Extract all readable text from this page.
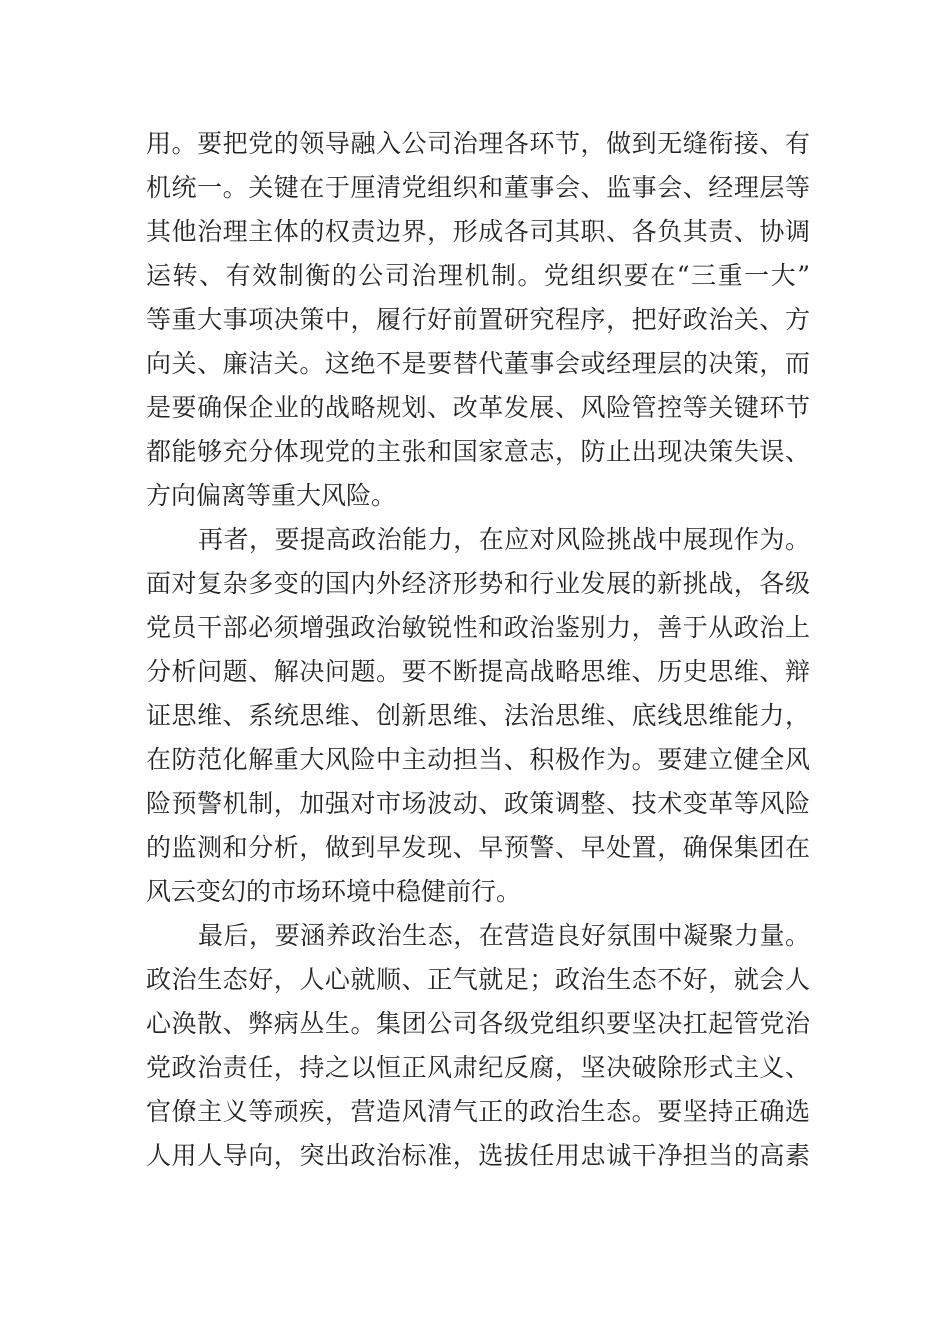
用。要把党的领导融入公司治理各环节，做到无缝衔接、有
机统一。关键在于厘清党组织和董事会、监事会、经理层等
其他治理主体的权责边界，形成各司其职、各负其责、协调
运转、有效制衡的公司治理机制。党组织要在“三重一大”
等重大事项决策中，履行好前置研究程序，把好政治关、方
向关、廉洁关。这绝不是要替代董事会或经理层的决策，而
是要确保企业的战略规划、改革发展、风险管控等关键环节
都能够充分体现党的主张和国家意志，防止出现决策失误、
方向偏离等重大风险。
再者，要提高政治能力，在应对风险挑战中展现作为。
面对复杂多变的国内外经济形势和行业发展的新挑战，各级
党员干部必须增强政治敏锐性和政治鉴别力，善于从政治上
分析问题、解决问题。要不断提高战略思维、历史思维、辩
证思维、系统思维、创新思维、法治思维、底线思维能力，
在防范化解重大风险中主动担当、积极作为。要建立健全风
险预警机制，加强对市场波动、政策调整、技术变革等风险
的监测和分析，做到早发现、早预警、早处置，确保集团在
风云变幻的市场环境中稳健前行。
最后，要涵养政治生态，在营造良好氛围中凝聚力量。
政治生态好，人心就顺、正气就足；政治生态不好，就会人
心涣散、弊病丛生。集团公司各级党组织要坚决扛起管党治
党政治责任，持之以恒正风肃纪反腐，坚决破除形式主义、
官僚主义等顽疾，营造风清气正的政治生态。要坚持正确选
人用人导向，突出政治标准，选拔任用忠诚干净担当的高素
